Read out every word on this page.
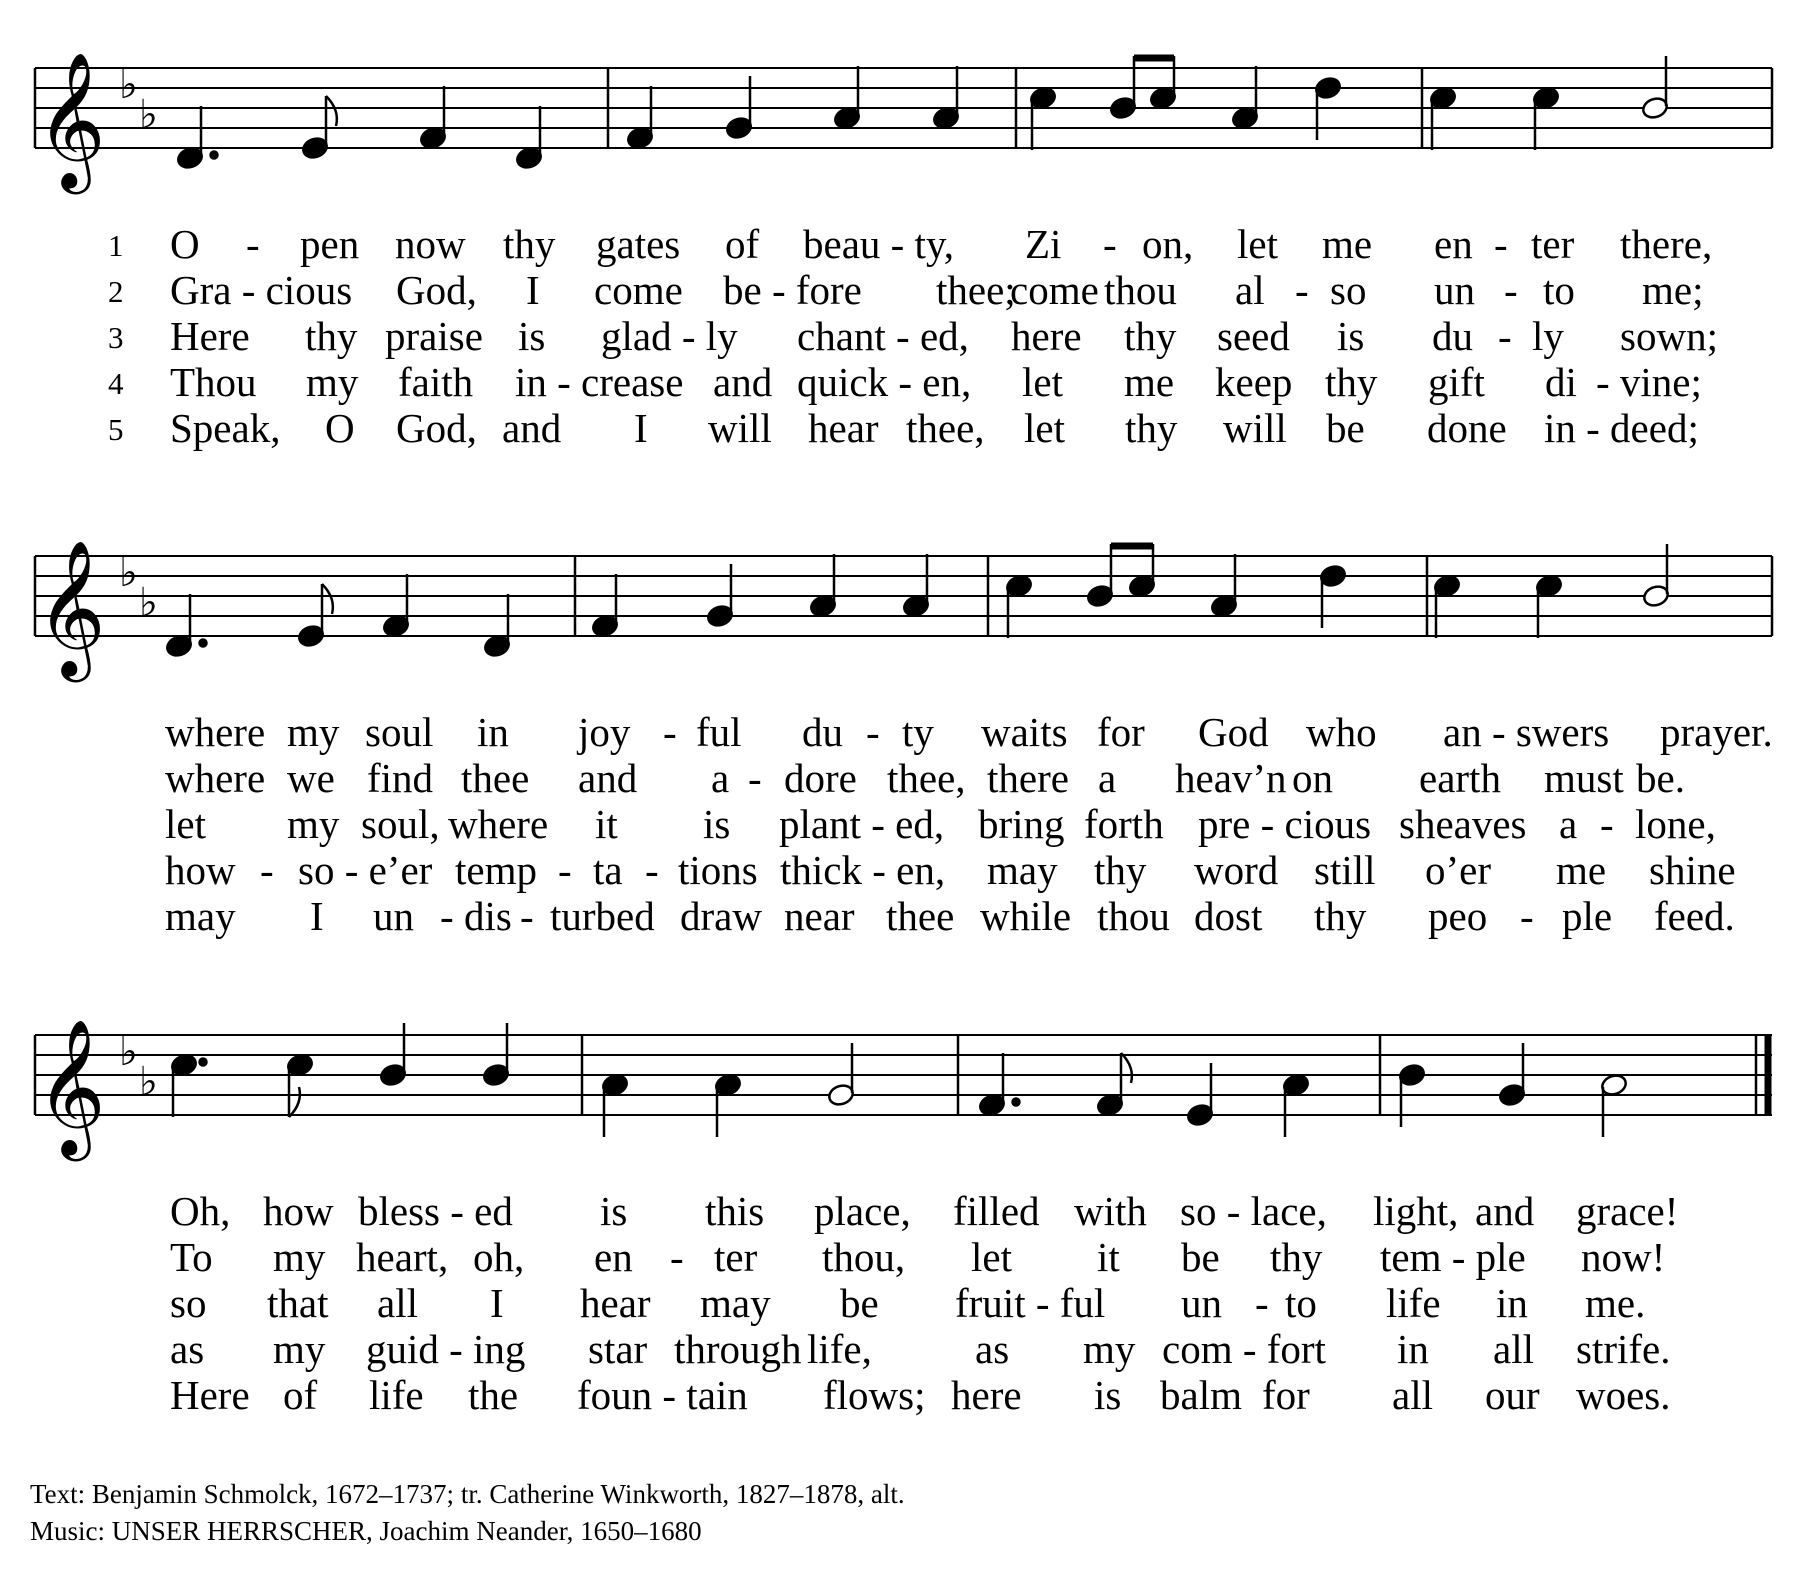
𝄞 ♭
♭
1 O - pen now thy gates of beau - ty, Zi - on, let me en - ter there,
2 Gra - cious God, I come be - fore thee;
come thou al - so un - to me;
3 Here thy praise is glad - ly chant - ed, here thy seed is du - ly sown;
4 Thou my faith in - crease and quick - en, let me keep thy gift di - vine;
5 Speak, O God, and I will hear thee, let thy will be done in - deed;
𝄞 ♭
♭
where my soul in joy - ful du - ty waits for God who an - swers prayer.
where we find thee and a - dore thee, there a heav’n on earth must be.
let my soul, where it is plant - ed, bring forth pre - cious sheaves a - lone,
how - so - e’er temp - ta - tions thick - en, may thy word still o’er me shine
may I un - dis - turbed draw near thee while thou dost thy peo - ple feed.
𝄞 ♭
♭
Oh, how bless - ed is this place, filled with so - lace, light, and grace!
To my heart, oh, en - ter thou, let it be thy tem - ple now!
so that all I hear may be fruit - ful un - to life in me.
as my guid - ing star through life,	as my com - fort in all strife.
Here of life the foun - tain flows; here is balm for all our woes.
Text: Benjamin Schmolck, 1672–1737; tr. Catherine Winkworth, 1827–1878, alt.
Music: UNSER HERRSCHER, Joachim Neander, 1650–1680
